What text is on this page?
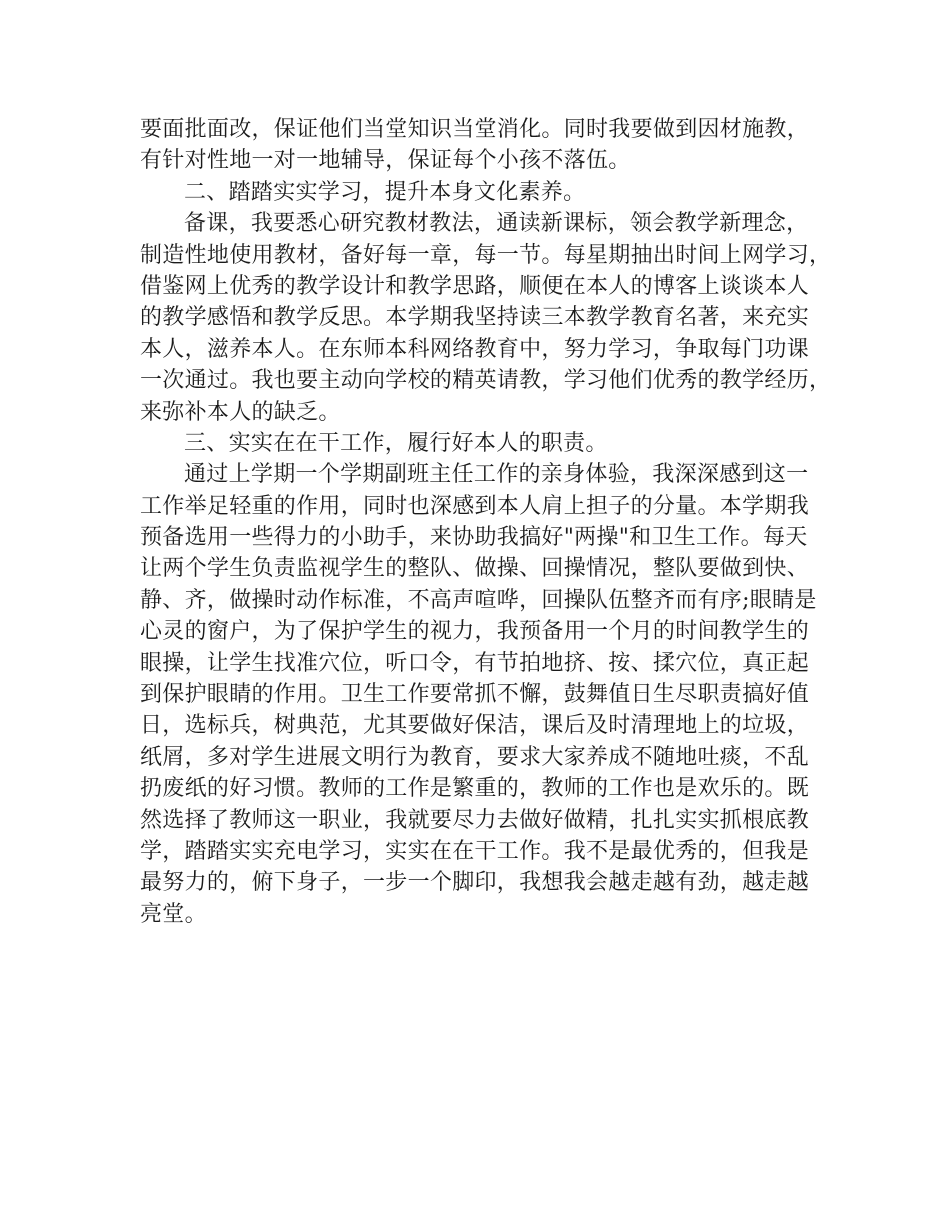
要面批面改，保证他们当堂知识当堂消化。同时我要做到因材施教，
有针对性地一对一地辅导，保证每个小孩不落伍。
二、踏踏实实学习，提升本身文化素养。
备课，我要悉心研究教材教法，通读新课标，领会教学新理念，
制造性地使用教材，备好每一章，每一节。每星期抽出时间上网学习，
借鉴网上优秀的教学设计和教学思路，顺便在本人的博客上谈谈本人
的教学感悟和教学反思。本学期我坚持读三本教学教育名著，来充实
本人，滋养本人。在东师本科网络教育中，努力学习，争取每门功课
一次通过。我也要主动向学校的精英请教，学习他们优秀的教学经历，
来弥补本人的缺乏。
三、实实在在干工作，履行好本人的职责。
通过上学期一个学期副班主任工作的亲身体验，我深深感到这一
工作举足轻重的作用，同时也深感到本人肩上担子的分量。本学期我
预备选用一些得力的小助手，来协助我搞好"两操"和卫生工作。每天
让两个学生负责监视学生的整队、做操、回操情况，整队要做到快、
静、齐，做操时动作标准，不高声喧哗，回操队伍整齐而有序;眼睛是
心灵的窗户，为了保护学生的视力，我预备用一个月的时间教学生的
眼操，让学生找准穴位，听口令，有节拍地挤、按、揉穴位，真正起
到保护眼睛的作用。卫生工作要常抓不懈，鼓舞值日生尽职责搞好值
日，选标兵，树典范，尤其要做好保洁，课后及时清理地上的垃圾，
纸屑，多对学生进展文明行为教育，要求大家养成不随地吐痰，不乱
扔废纸的好习惯。教师的工作是繁重的，教师的工作也是欢乐的。既
然选择了教师这一职业，我就要尽力去做好做精，扎扎实实抓根底教
学，踏踏实实充电学习，实实在在干工作。我不是最优秀的，但我是
最努力的，俯下身子，一步一个脚印，我想我会越走越有劲，越走越
亮堂。
